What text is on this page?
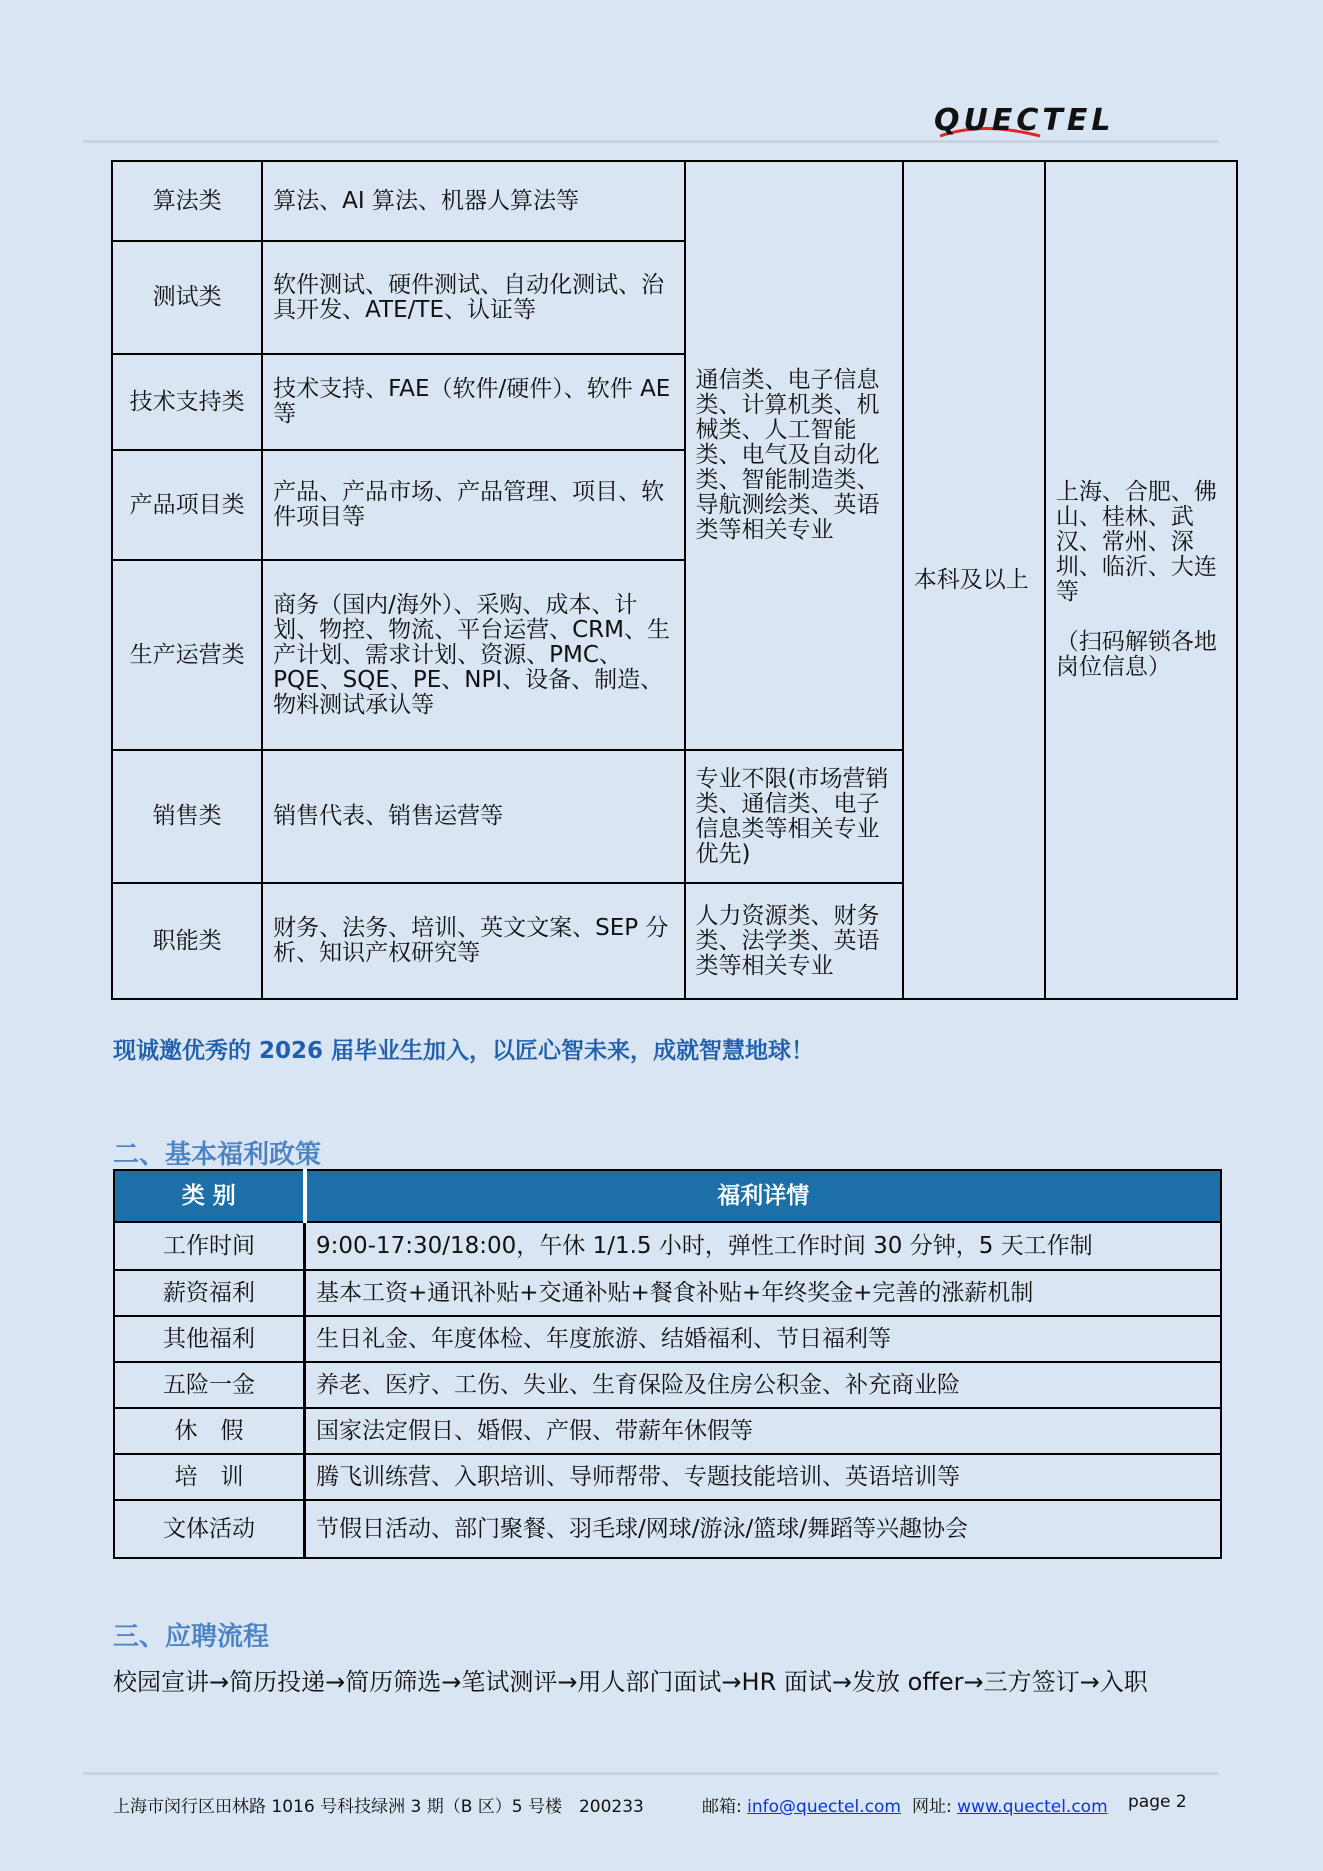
QUECTEL
算法类	算法、AI 算法、机器人算法等	通信类、电子信息类、计算机类、机械类、人工智能类、电气及自动化类、智能制造类、导航测绘类、英语类等相关专业	本科及以上	上海、合肥、佛山、桂林、武汉、常州、深圳、临沂、大连等
（扫码解锁各地岗位信息）

测试类	软件测试、硬件测试、自动化测试、治具开发、ATE/TE、认证等			
技术支持类	技术支持、FAE（软件/硬件）、软件 AE 等			
产品项目类	产品、产品市场、产品管理、项目、软件项目等			
生产运营类	商务（国内/海外）、采购、成本、计划、物控、物流、平台运营、CRM、生产计划、需求计划、资源、PMC、PQE、SQE、PE、NPI、设备、制造、物料测试承认等			
销售类	销售代表、销售运营等	专业不限(市场营销类、通信类、电子信息类等相关专业优先)		
职能类	财务、法务、培训、英文文案、SEP 分析、知识产权研究等	人力资源类、财务类、法学类、英语类等相关专业		
现诚邀优秀的 2026 届毕业生加入，以匠心智未来，成就智慧地球！
二、基本福利政策
类 别	福利详情
工作时间	9:00-17:30/18:00，午休 1/1.5 小时，弹性工作时间 30 分钟，5 天工作制
薪资福利	基本工资+通讯补贴+交通补贴+餐食补贴+年终奖金+完善的涨薪机制
其他福利	生日礼金、年度体检、年度旅游、结婚福利、节日福利等
五险一金	养老、医疗、工伤、失业、生育保险及住房公积金、补充商业险
休　假	国家法定假日、婚假、产假、带薪年休假等
培　训	腾飞训练营、入职培训、导师帮带、专题技能培训、英语培训等
文体活动	节假日活动、部门聚餐、羽毛球/网球/游泳/篮球/舞蹈等兴趣协会
三、应聘流程
校园宣讲→简历投递→简历筛选→笔试测评→用人部门面试→HR 面试→发放 offer→三方签订→入职
上海市闵行区田林路 1016 号科技绿洲 3 期（B 区）5 号楼　200233	邮箱: info@quectel.com 网址: www.quectel.com page 2
